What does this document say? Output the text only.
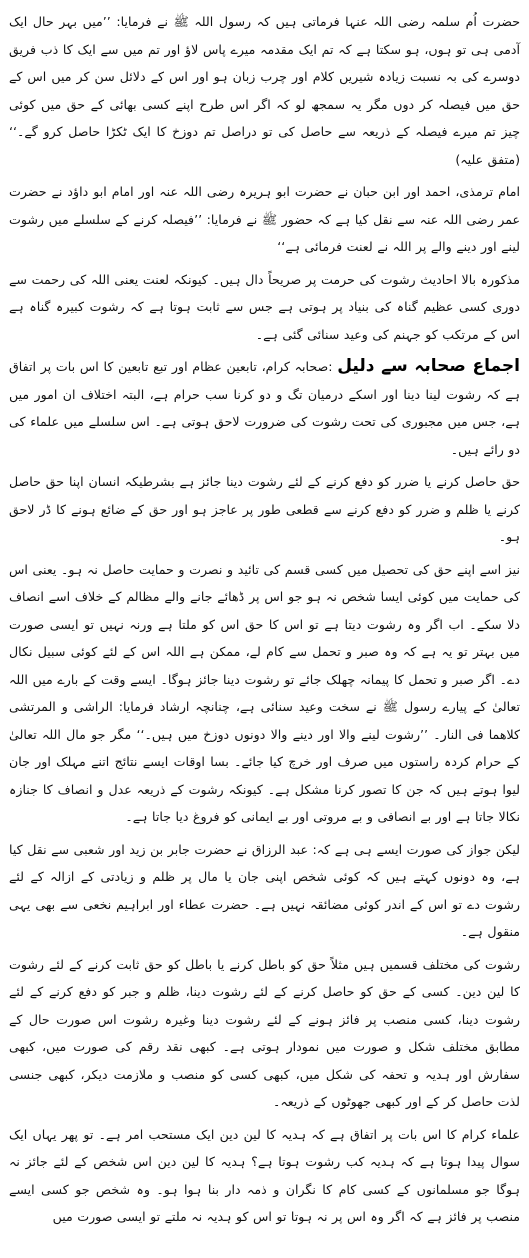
حضرت اُم سلمہ رضی اللہ عنہا فرماتی ہیں کہ رسول اللہ ﷺ نے فرمایا: ’’میں بہر حال ایک آدمی ہی تو ہوں، ہو سکتا ہے کہ تم ایک مقدمہ میرے پاس لاؤ اور تم میں سے ایک کا ذب فریق دوسرے کی بہ نسبت زیادہ شیریں کلام اور چرب زبان ہو اور اس کے دلائل سن کر میں اس کے حق میں فیصلہ کر دوں مگر یہ سمجھ لو کہ اگر اس طرح اپنے کسی بھائی کے حق میں کوئی چیز تم میرے فیصلہ کے ذریعہ سے حاصل کی تو دراصل تم دوزخ کا ایک ٹکڑا حاصل کرو گے۔‘‘ (متفق علیہ)

امام ترمذی، احمد اور ابن حبان نے حضرت ابو ہریرہ رضی اللہ عنہ اور امام ابو داؤد نے حضرت عمر رضی اللہ عنہ سے نقل کیا ہے کہ حضور ﷺ نے فرمایا: ’’فیصلہ کرنے کے سلسلے میں رشوت لینے اور دینے والے پر اللہ نے لعنت فرمائی ہے‘‘

مذکورہ بالا احادیث رشوت کی حرمت پر صریحاً دال ہیں۔ کیونکہ لعنت یعنی اللہ کی رحمت سے دوری کسی عظیم گناہ کی بنیاد پر ہوتی ہے جس سے ثابت ہوتا ہے کہ رشوت کبیرہ گناہ ہے اس کے مرتکب کو جہنم کی وعید سنائی گئی ہے۔

اجماع صحابہ سے دلیل :صحابہ کرام، تابعین عظام اور تبع تابعین کا اس بات پر اتفاق ہے کہ رشوت لینا دینا اور اسکے درمیان تگ و دو کرنا سب حرام ہے، البتہ اختلاف ان امور میں ہے، جس میں مجبوری کی تحت رشوت کی ضرورت لاحق ہوتی ہے۔ اس سلسلے میں علماء کی دو رائے ہیں۔

حق حاصل کرنے یا ضرر کو دفع کرنے کے لئے رشوت دینا جائز ہے بشرطیکہ انسان اپنا حق حاصل کرنے یا ظلم و ضرر کو دفع کرنے سے قطعی طور پر عاجز ہو اور حق کے ضائع ہونے کا ڈر لاحق ہو۔

نیز اسے اپنے حق کی تحصیل میں کسی قسم کی تائید و نصرت و حمایت حاصل نہ ہو۔ یعنی اس کی حمایت میں کوئی ایسا شخص نہ ہو جو اس پر ڈھائے جانے والے مظالم کے خلاف اسے انصاف دلا سکے۔ اب اگر وہ رشوت دیتا ہے تو اس کا حق اس کو ملتا ہے ورنہ نہیں تو ایسی صورت میں بہتر تو یہ ہے کہ وہ صبر و تحمل سے کام لے، ممکن ہے اللہ اس کے لئے کوئی سبیل نکال دے۔ اگر صبر و تحمل کا پیمانہ چھلک جائے تو رشوت دینا جائز ہوگا۔ ایسے وقت کے بارے میں اللہ تعالیٰ کے پیارے رسول ﷺ نے سخت وعید سنائی ہے، چنانچہ ارشاد فرمایا: الراشی و المرتشی کلاھما فی النار۔ ’’رشوت لینے والا اور دینے والا دونوں دوزخ میں ہیں۔‘‘ مگر جو مال اللہ تعالیٰ کے حرام کردہ راستوں میں صرف اور خرچ کیا جائے۔ بسا اوقات ایسے نتائج اتنے مہلک اور جان لیوا ہوتے ہیں کہ جن کا تصور کرنا مشکل ہے۔ کیونکہ رشوت کے ذریعہ عدل و انصاف کا جنازہ نکالا جاتا ہے اور بے انصافی و بے مروتی اور بے ایمانی کو فروغ دیا جاتا ہے۔

لیکن جواز کی صورت ایسے ہی ہے کہ: عبد الرزاق نے حضرت جابر بن زید اور شعبی سے نقل کیا ہے، وہ دونوں کہتے ہیں کہ کوئی شخص اپنی جان یا مال پر ظلم و زیادتی کے ازالہ کے لئے رشوت دے تو اس کے اندر کوئی مضائقہ نہیں ہے۔ حضرت عطاء اور ابراہیم نخعی سے بھی یہی منقول ہے۔

رشوت کی مختلف قسمیں ہیں مثلاً حق کو باطل کرنے یا باطل کو حق ثابت کرنے کے لئے رشوت کا لین دین۔ کسی کے حق کو حاصل کرنے کے لئے رشوت دینا، ظلم و جبر کو دفع کرنے کے لئے رشوت دینا، کسی منصب پر فائز ہونے کے لئے رشوت دینا وغیرہ رشوت اس صورت حال کے مطابق مختلف شکل و صورت میں نمودار ہوتی ہے۔ کبھی نقد رقم کی صورت میں، کبھی سفارش اور ہدیہ و تحفہ کی شکل میں، کبھی کسی کو منصب و ملازمت دیکر، کبھی جنسی لذت حاصل کر کے اور کبھی جھوٹوں کے ذریعہ۔

علماء کرام کا اس بات پر اتفاق ہے کہ ہدیہ کا لین دین ایک مستحب امر ہے۔ تو پھر یہاں ایک سوال پیدا ہوتا ہے کہ ہدیہ کب رشوت ہوتا ہے؟ ہدیہ کا لین دین اس شخص کے لئے جائز نہ ہوگا جو مسلمانوں کے کسی کام کا نگران و ذمہ دار بنا ہوا ہو۔ وہ شخص جو کسی ایسے منصب پر فائز ہے کہ اگر وہ اس پر نہ ہوتا تو اس کو ہدیہ نہ ملتے تو ایسی صورت میں
